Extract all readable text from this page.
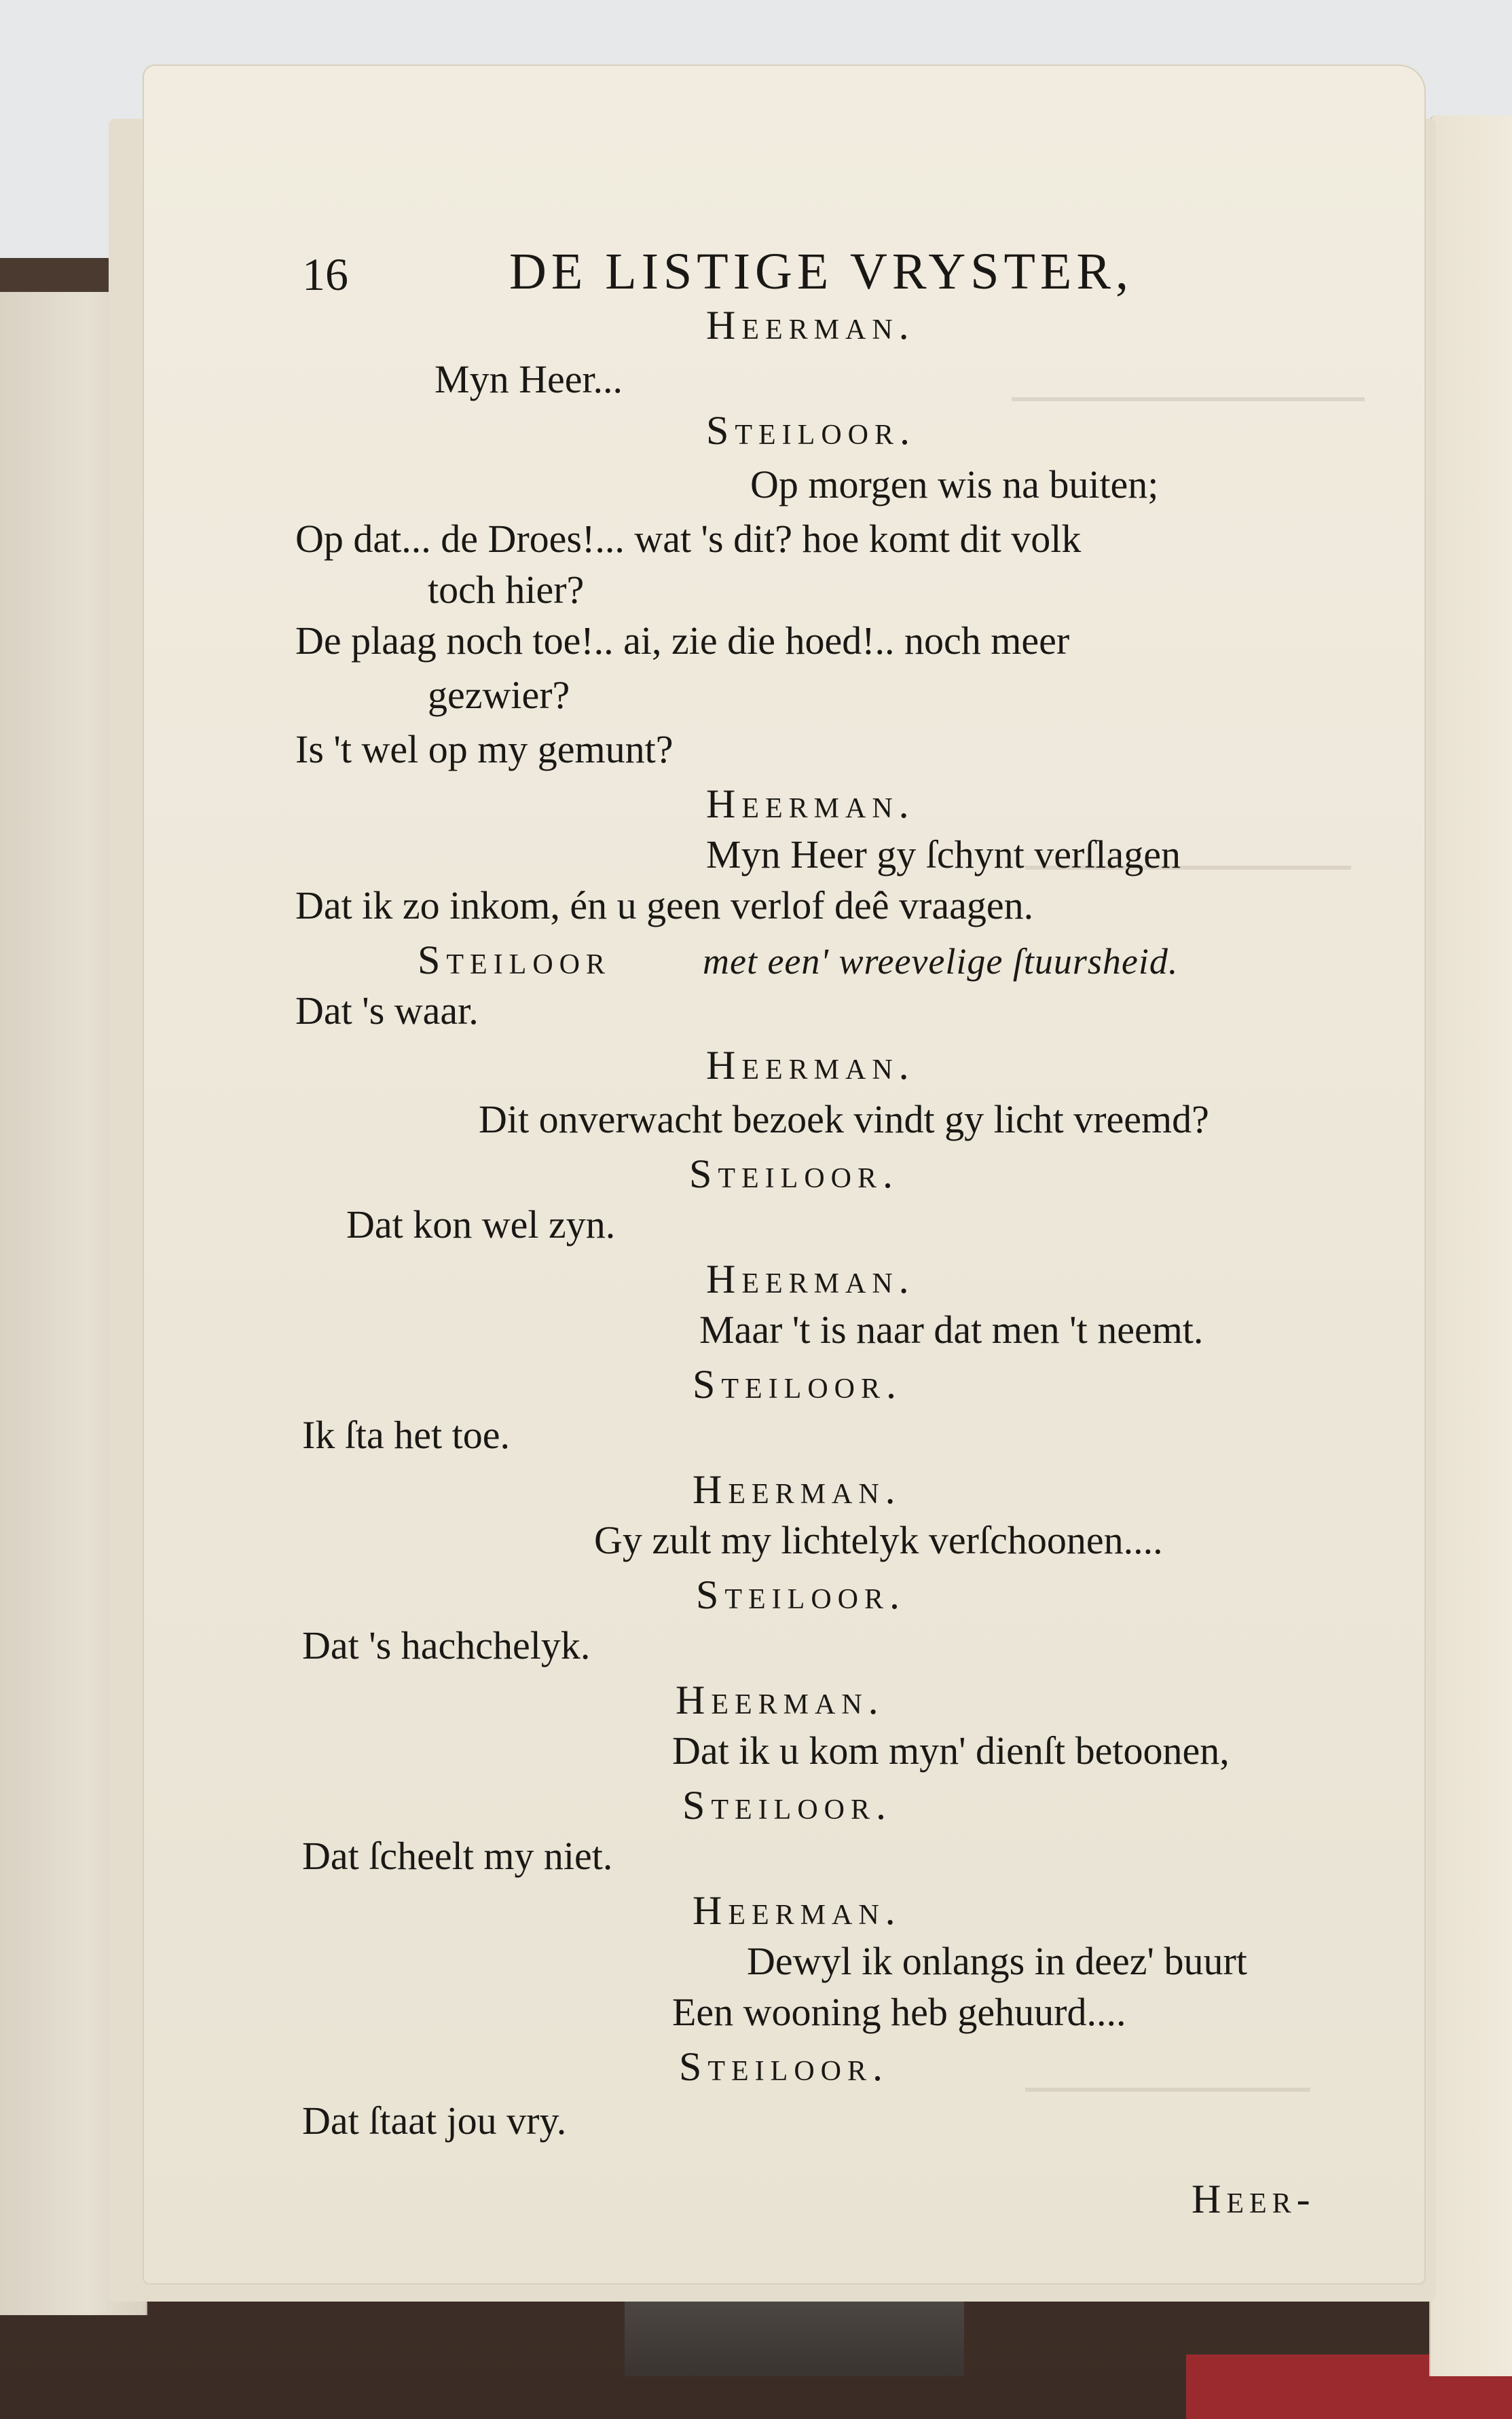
16	DE LISTIGE VRYSTER,
Heerman.
Myn Heer...
Steiloor.
Op morgen wis na buiten;
Op dat... de Droes!... wat 's dit? hoe komt dit volk
toch hier?
De plaag noch toe!.. ai, zie die hoed!.. noch meer
gezwier?
Is 't wel op my gemunt?
Heerman.
Myn Heer gy ſchynt verſlagen
Dat ik zo inkom, én u geen verlof deê vraagen.
Steiloor	met een' wreevelige ſtuursheid.
Dat 's waar.
Heerman.
Dit onverwacht bezoek vindt gy licht vreemd?
Steiloor.
Dat kon wel zyn.
Heerman.
Maar 't is naar dat men 't neemt.
Steiloor.
Ik ſta het toe.
Heerman.
Gy zult my lichtelyk verſchoonen....
Steiloor.
Dat 's hachchelyk.
Heerman.
Dat ik u kom myn' dienſt betoonen,
Steiloor.
Dat ſcheelt my niet.
Heerman.
Dewyl ik onlangs in deez' buurt
Een wooning heb gehuurd....
Steiloor.
Dat ſtaat jou vry.
Heer-
